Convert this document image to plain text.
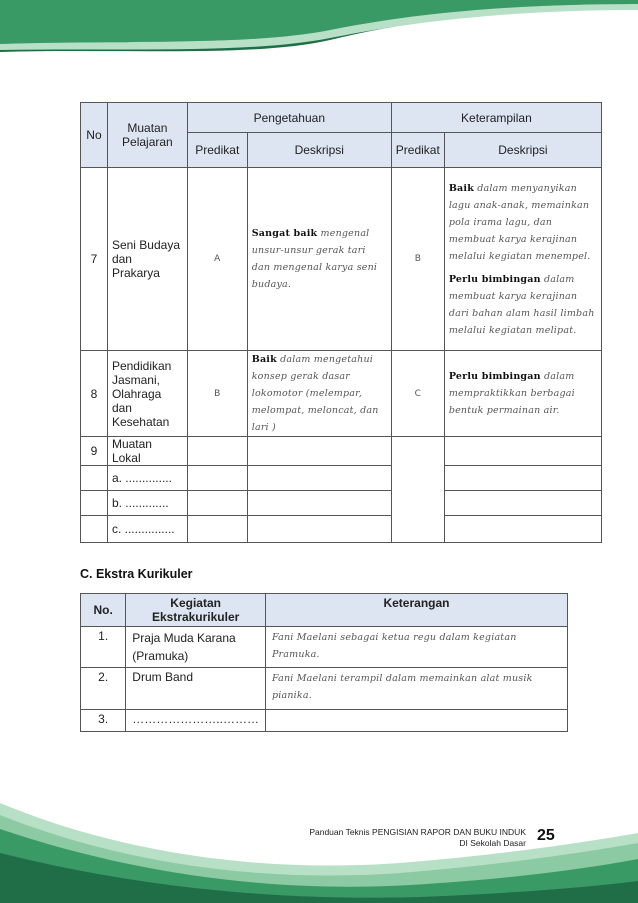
No	Muatan Pelajaran	Pengetahuan		Keterampilan	
		Predikat	Deskripsi	Predikat	Deskripsi
7	Seni Budaya dan Prakarya	A	Sangat baik mengenal unsur-unsur gerak tari dan mengenal karya seni budaya.	B	Baik dalam menyanyikan lagu anak-anak, memainkan pola irama lagu, dan membuat karya kerajinan melalui kegiatan menempel.
Perlu bimbingan dalam membuat karya kerajinan dari bahan alam hasil limbah melalui kegiatan melipat.

8	Pendidikan Jasmani, Olahraga dan Kesehatan	B	Baik dalam mengetahui konsep gerak dasar lokomotor (melempar, melompat, meloncat, dan lari )	C	Perlu bimbingan dalam mempraktikkan berbagai bentuk permainan air.
9	Muatan Lokal				
	a. ..............				
	b. .............				
	c. ...............				
C. Ekstra Kurikuler
No.	Kegiatan Ekstrakurikuler	Keterangan
1.	Praja Muda Karana (Pramuka)	Fani Maelani sebagai ketua regu dalam kegiatan Pramuka.
2.	Drum Band	Fani Maelani terampil dalam memainkan alat musik pianika.
3.	…………………..………	
Panduan Teknis PENGISIAN RAPOR DAN BUKU INDUK
DI Sekolah Dasar 25
